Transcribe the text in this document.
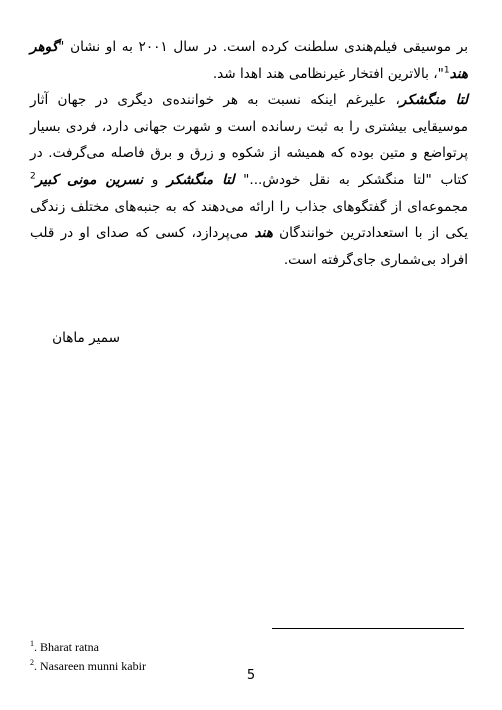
بر موسیقی فیلم‌هندی سلطنت کرده است. در سال ۲۰۰۱ به او نشان "گوهر هند$^1$"، بالاترین افتخار غیرنظامی هند اهدا شد.

لتا منگشکر، علیرغم اینکه نسبت به هر خواننده‌ی دیگری در جهان آثار موسیقایی بیشتری را به ثبت رسانده است و شهرت جهانی دارد، فردی بسیار پرتواضع و متین بوده که همیشه از شکوه و زرق و برق فاصله می‌گرفت. در کتاب "لتا منگشکر به نقل خودش..." لتا منگشکر و نسرین مونی کبیر$^2$ مجموعه‌ای از گفتگوهای جذاب را ارائه می‌دهند که به جنبه‌های مختلف زندگی یکی از با استعدادترین خوانندگان هند می‌پردازد، کسی که صدای او در قلب افراد بی‌شماری جای‌گرفته است.

سمیر ماهان
$^1$. Bharat ratna
$^2$. Nasareen munni kabir
5
